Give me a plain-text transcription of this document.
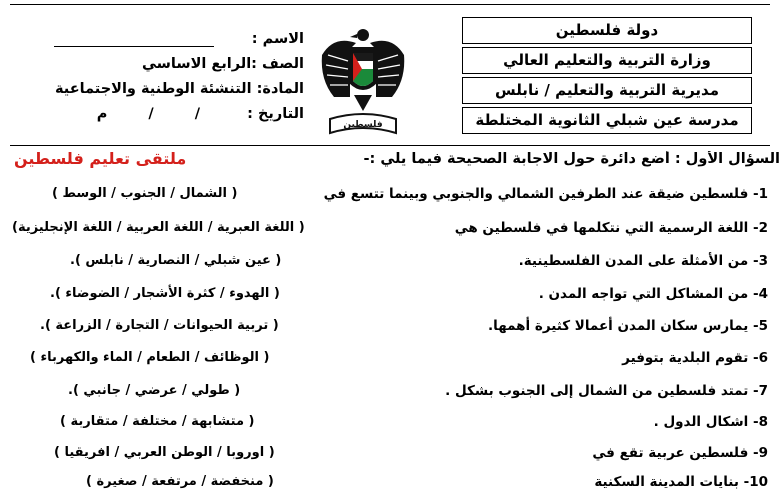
دولة فلسطين
وزارة التربية والتعليم العالي
مديرية التربية والتعليم / نابلس
مدرسة عين شبلي الثانوية المختلطة
فلسطين
الاسم :
الصف :الرابع الاساسي
المادة: التنشئة الوطنية والاجتماعية
التاريخ : / / م
السؤال الأول : أضع دائرة حول الاجابة الصحيحة فيما يلي :-
ملتقى تعليم فلسطين
1- فلسطين ضيقة عند الطرفين الشمالي والجنوبي وبينما تتسع في
( الشمال / الجنوب / الوسط )
2- اللغة الرسمية التي نتكلمها في فلسطين هي
( اللغة العبرية / اللغة العربية / اللغة الإنجليزية)
3- من الأمثلة على المدن الفلسطينية.
( عين شبلي / النصارية / نابلس ).
4- من المشاكل التي تواجه المدن .
( الهدوء / كثرة الأشجار / الضوضاء ).
5- يمارس سكان المدن أعمالا كثيرة أهمها.
( تربية الحيوانات / التجارة / الزراعة ).
6- تقوم البلدية بتوفير
( الوظائف / الطعام / الماء والكهرباء )
7- تمتد فلسطين من الشمال إلى الجنوب بشكل .
( طولي / عرضي / جانبي ).
8- اشكال الدول .
( متشابهة / مختلفة / متقاربة )
9- فلسطين عربية تقع في
( اوروبا / الوطن العربي / افريقيا )
10- بنايات المدينة السكنية
( منخفضة / مرتفعة / صغيرة )
